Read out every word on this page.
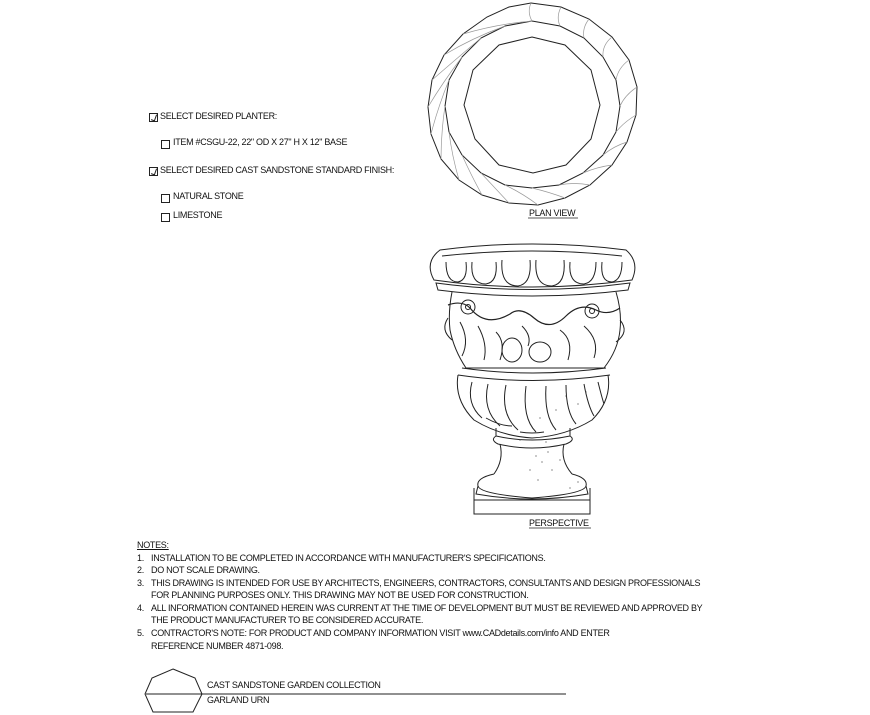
SELECT DESIRED PLANTER:
ITEM #CSGU-22, 22" OD X 27" H X 12" BASE
SELECT DESIRED CAST SANDSTONE STANDARD FINISH:
NATURAL STONE
LIMESTONE	PLAN VIEW
PERSPECTIVE
NOTES:
1. INSTALLATION TO BE COMPLETED IN ACCORDANCE WITH MANUFACTURER'S SPECIFICATIONS.
2. DO NOT SCALE DRAWING.
3. THIS DRAWING IS INTENDED FOR USE BY ARCHITECTS, ENGINEERS, CONTRACTORS, CONSULTANTS AND DESIGN PROFESSIONALS
FOR PLANNING PURPOSES ONLY. THIS DRAWING MAY NOT BE USED FOR CONSTRUCTION.
4. ALL INFORMATION CONTAINED HEREIN WAS CURRENT AT THE TIME OF DEVELOPMENT BUT MUST BE REVIEWED AND APPROVED BY
THE PRODUCT MANUFACTURER TO BE CONSIDERED ACCURATE.
5. CONTRACTOR'S NOTE: FOR PRODUCT AND COMPANY INFORMATION VISIT www.CADdetails.com/info AND ENTER
REFERENCE NUMBER 4871-098.
CAST SANDSTONE GARDEN COLLECTION
GARLAND URN
